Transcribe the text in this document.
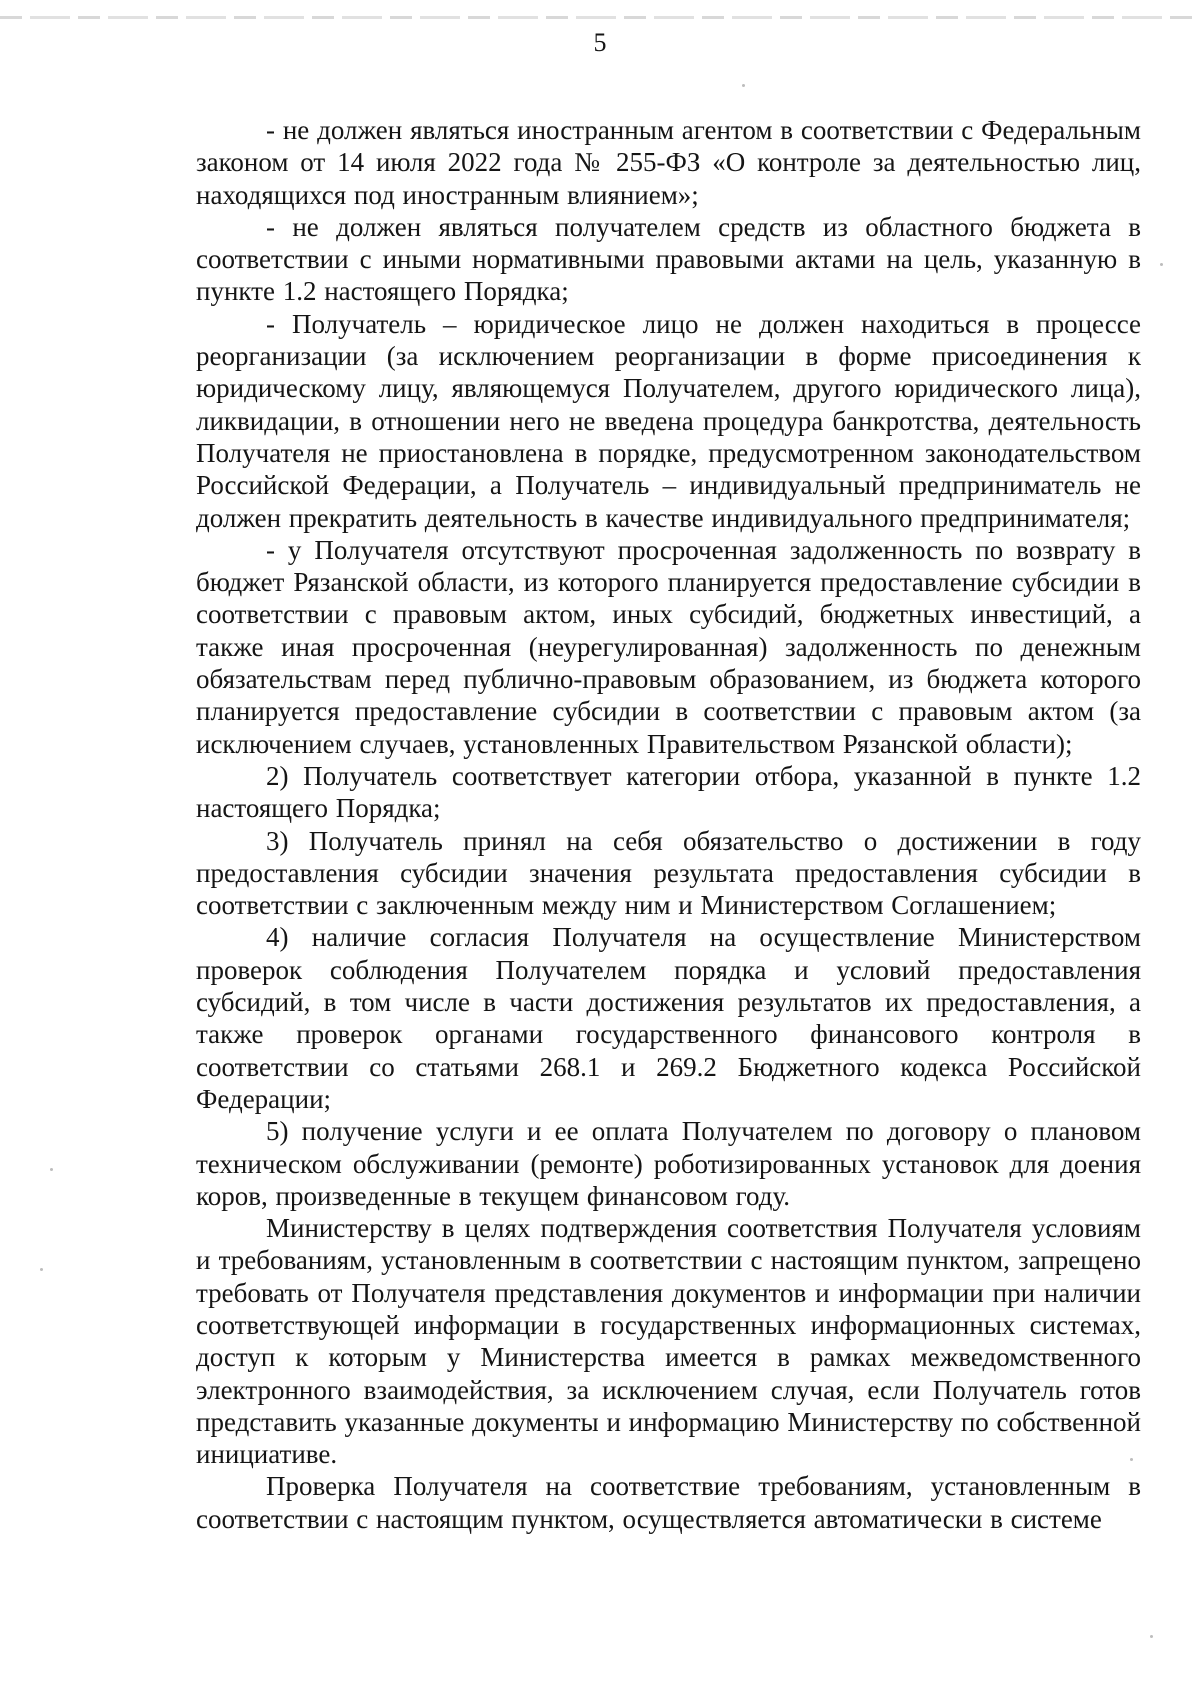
5

- не должен являться иностранным агентом в соответствии с Федеральным законом от 14 июля 2022 года № 255-ФЗ «О контроле за деятельностью лиц, находящихся под иностранным влиянием»;

- не должен являться получателем средств из областного бюджета в соответствии с иными нормативными правовыми актами на цель, указанную в пункте 1.2 настоящего Порядка;

- Получатель – юридическое лицо не должен находиться в процессе реорганизации (за исключением реорганизации в форме присоединения к юридическому лицу, являющемуся Получателем, другого юридического лица), ликвидации, в отношении него не введена процедура банкротства, деятельность Получателя не приостановлена в порядке, предусмотренном законодательством Российской Федерации, а Получатель – индивидуальный предприниматель не должен прекратить деятельность в качестве индивидуального предпринимателя;

- у Получателя отсутствуют просроченная задолженность по возврату в бюджет Рязанской области, из которого планируется предоставление субсидии в соответствии с правовым актом, иных субсидий, бюджетных инвестиций, а также иная просроченная (неурегулированная) задолженность по денежным обязательствам перед публично-правовым образованием, из бюджета которого планируется предоставление субсидии в соответствии с правовым актом (за исключением случаев, установленных Правительством Рязанской области);

2) Получатель соответствует категории отбора, указанной в пункте 1.2 настоящего Порядка;

3) Получатель принял на себя обязательство о достижении в году предоставления субсидии значения результата предоставления субсидии в соответствии с заключенным между ним и Министерством Соглашением;

4) наличие согласия Получателя на осуществление Министерством проверок соблюдения Получателем порядка и условий предоставления субсидий, в том числе в части достижения результатов их предоставления, а также проверок органами государственного финансового контроля в соответствии со статьями 268.1 и 269.2 Бюджетного кодекса Российской Федерации;

5) получение услуги и ее оплата Получателем по договору о плановом техническом обслуживании (ремонте) роботизированных установок для доения коров, произведенные в текущем финансовом году.

Министерству в целях подтверждения соответствия Получателя условиям и требованиям, установленным в соответствии с настоящим пунктом, запрещено требовать от Получателя представления документов и информации при наличии соответствующей информации в государственных информационных системах, доступ к которым у Министерства имеется в рамках межведомственного электронного взаимодействия, за исключением случая, если Получатель готов представить указанные документы и информацию Министерству по собственной инициативе.

Проверка Получателя на соответствие требованиям, установленным в соответствии с настоящим пунктом, осуществляется автоматически в системе
